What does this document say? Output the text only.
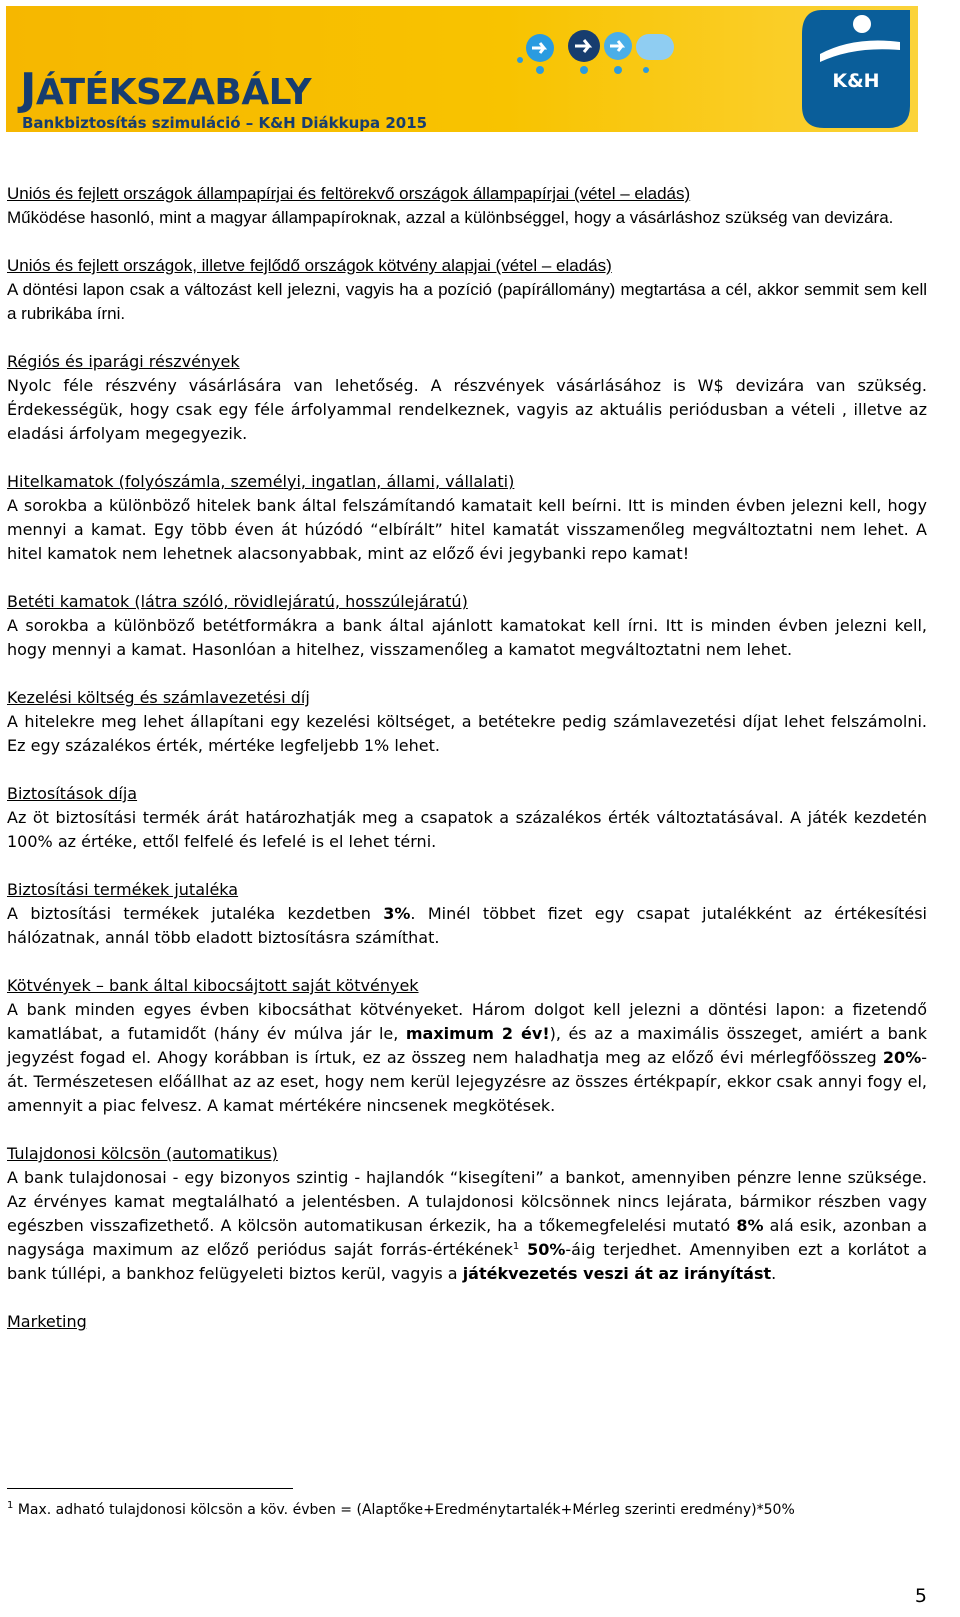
JÁTÉKSZABÁLY
Bankbiztosítás szimuláció – K&H Diákkupa 2015
K&H

Uniós és fejlett országok állampapírjai és feltörekvő országok állampapírjai (vétel – eladás)
Működése hasonló, mint a magyar állampapíroknak, azzal a különbséggel, hogy a vásárláshoz szükség van devizára.

Uniós és fejlett országok, illetve fejlődő országok kötvény alapjai (vétel – eladás)
A döntési lapon csak a változást kell jelezni, vagyis ha a pozíció (papírállomány) megtartása a cél, akkor semmit sem kell a rubrikába írni.

Régiós és iparági részvények
Nyolc féle részvény vásárlására van lehetőség. A részvények vásárlásához is W$ devizára van szükség. Érdekességük, hogy csak egy féle árfolyammal rendelkeznek, vagyis az aktuális periódusban a vételi , illetve az eladási árfolyam megegyezik.

Hitelkamatok (folyószámla, személyi, ingatlan, állami, vállalati)
A sorokba a különböző hitelek bank által felszámítandó kamatait kell beírni. Itt is minden évben jelezni kell, hogy mennyi a kamat. Egy több éven át húzódó “elbírált” hitel kamatát visszamenőleg megváltoztatni nem lehet. A hitel kamatok nem lehetnek alacsonyabbak, mint az előző évi jegybanki repo kamat!

Betéti kamatok (látra szóló, rövidlejáratú, hosszúlejáratú)
A sorokba a különböző betétformákra a bank által ajánlott kamatokat kell írni. Itt is minden évben jelezni kell, hogy mennyi a kamat. Hasonlóan a hitelhez, visszamenőleg a kamatot megváltoztatni nem lehet.

Kezelési költség és számlavezetési díj
A hitelekre meg lehet állapítani egy kezelési költséget, a betétekre pedig számlavezetési díjat lehet felszámolni. Ez egy százalékos érték, mértéke legfeljebb 1% lehet.

Biztosítások díja
Az öt biztosítási termék árát határozhatják meg a csapatok a százalékos érték változtatásával. A játék kezdetén 100% az értéke, ettől felfelé és lefelé is el lehet térni.

Biztosítási termékek jutaléka
A biztosítási termékek jutaléka kezdetben 3%. Minél többet fizet egy csapat jutalékként az értékesítési hálózatnak, annál több eladott biztosításra számíthat.

Kötvények – bank által kibocsájtott saját kötvények
A bank minden egyes évben kibocsáthat kötvényeket. Három dolgot kell jelezni a döntési lapon: a fizetendő kamatlábat, a futamidőt (hány év múlva jár le, maximum 2 év!), és az a maximális összeget, amiért a bank jegyzést fogad el. Ahogy korábban is írtuk, ez az összeg nem haladhatja meg az előző évi mérlegfőösszeg 20%-át. Természetesen előállhat az az eset, hogy nem kerül lejegyzésre az összes értékpapír, ekkor csak annyi fogy el, amennyit a piac felvesz. A kamat mértékére nincsenek megkötések.

Tulajdonosi kölcsön (automatikus)
A bank tulajdonosai - egy bizonyos szintig - hajlandók “kisegíteni” a bankot, amennyiben pénzre lenne szüksége. Az érvényes kamat megtalálható a jelentésben. A tulajdonosi kölcsönnek nincs lejárata, bármikor részben vagy egészben visszafizethető. A kölcsön automatikusan érkezik, ha a tőkemegfelelési mutató 8% alá esik, azonban a nagysága maximum az előző periódus saját forrás-értékének$^1$ 50%-áig terjedhet. Amennyiben ezt a korlátot a bank túllépi, a bankhoz felügyeleti biztos kerül, vagyis a játékvezetés veszi át az irányítást.

Marketing

$^1$ Max. adható tulajdonosi kölcsön a köv. évben = (Alaptőke+Eredménytartalék+Mérleg szerinti eredmény)*50%
5
